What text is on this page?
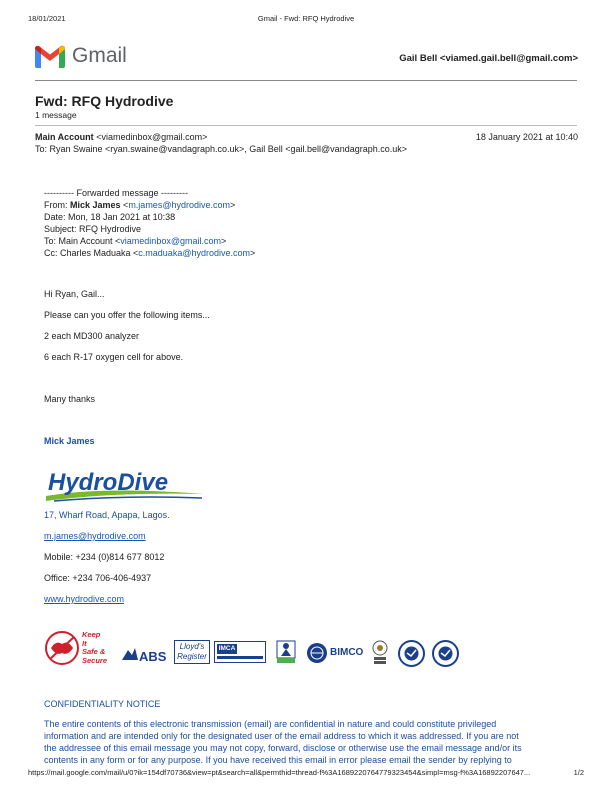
18/01/2021	Gmail - Fwd: RFQ Hydrodive
Gmail	Gail Bell <viamed.gail.bell@gmail.com>
Fwd: RFQ Hydrodive
1 message
Main Account <viamedinbox@gmail.com>	18 January 2021 at 10:40
To: Ryan Swaine <ryan.swaine@vandagraph.co.uk>, Gail Bell <gail.bell@vandagraph.co.uk>
---------- Forwarded message ---------
From: Mick James <m.james@hydrodive.com>
Date: Mon, 18 Jan 2021 at 10:38
Subject: RFQ Hydrodive
To: Main Account <viamedinbox@gmail.com>
Cc: Charles Maduaka <c.maduaka@hydrodive.com>
Hi Ryan, Gail...
Please can you offer the following items...
2 each MD300 analyzer
6 each R-17 oxygen cell for above.
Many thanks
Mick James
HydroDive
17, Wharf Road, Apapa, Lagos.
m.james@hydrodive.com
Mobile: +234 (0)814 677 8012
Office: +234 706-406-4937
www.hydrodive.com
Keep
It
Safe &
Secure ABS
Lloyd's
Register
IMCA	BIMCO
CONFIDENTIALITY NOTICE
The entire contents of this electronic transmission (email) are confidential in nature and could constitute privileged
information and are intended only for the designated user of the email address to which it was addressed. If you are not
the addressee of this email message you may not copy, forward, disclose or otherwise use the email message and/or its
contents in any form or for any purpose. If you have received this email in error please email the sender by replying to
https://mail.google.com/mail/u/0?ik=154df70736&view=pt&search=all&permthid=thread-f%3A1689220764779323454&simpl=msg-f%3A16892207647...	1/2
